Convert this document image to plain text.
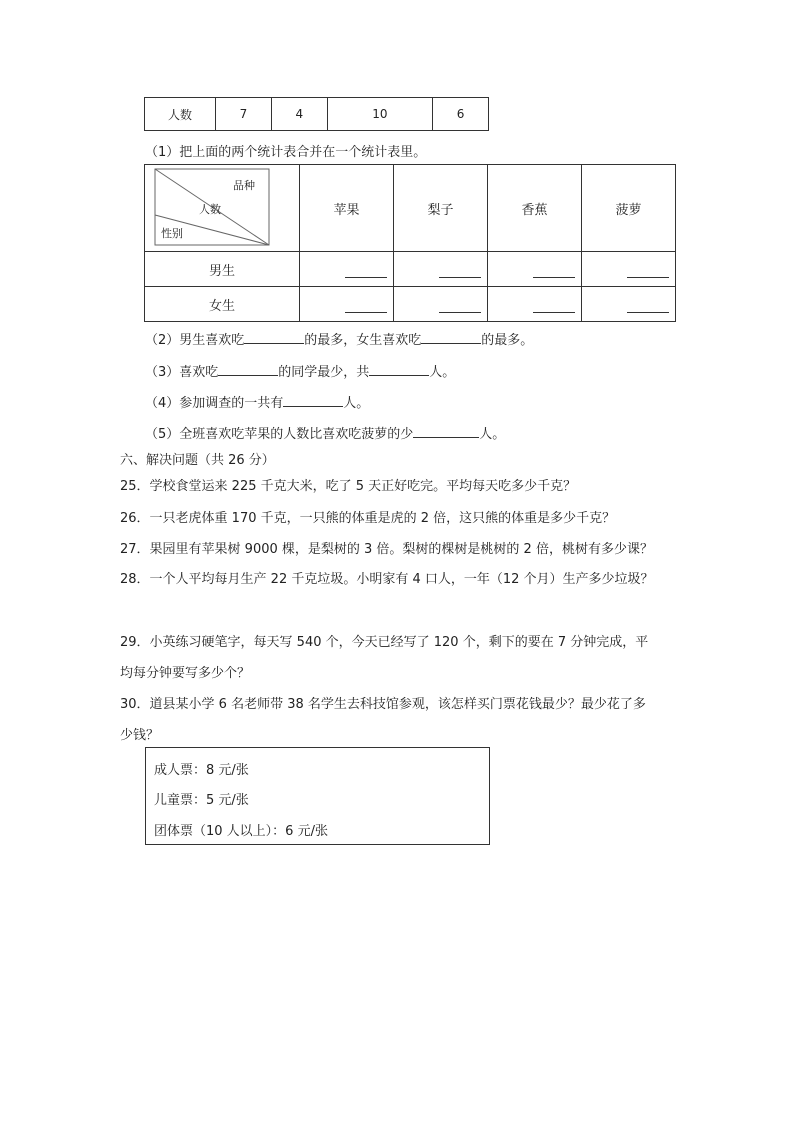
人数	7	4	10	6
（1）把上面的两个统计表合并在一个统计表里。
品种
人数
性别	苹果	梨子	香蕉	菠萝
男生	

女生	

（2）男生喜欢吃	的最多，女生喜欢吃	的最多。
（3）喜欢吃	的同学最少，共	人。
（4）参加调查的一共有	人。
（5）全班喜欢吃苹果的人数比喜欢吃菠萝的少	人。
六、解决问题（共 26 分）
25．学校食堂运来 225 千克大米，吃了 5 天正好吃完。平均每天吃多少千克？
26．一只老虎体重 170 千克，一只熊的体重是虎的 2 倍，这只熊的体重是多少千克？
27．果园里有苹果树 9000 棵，是梨树的 3 倍。梨树的棵树是桃树的 2 倍，桃树有多少课？
28．一个人平均每月生产 22 千克垃圾。小明家有 4 口人，一年（12 个月）生产多少垃圾？
29．小英练习硬笔字，每天写 540 个，今天已经写了 120 个，剩下的要在 7 分钟完成，平
均每分钟要写多少个？
30．道县某小学 6 名老师带 38 名学生去科技馆参观，该怎样买门票花钱最少？最少花了多
少钱？
成人票：8 元/张
儿童票：5 元/张
团体票（10 人以上）：6 元/张
